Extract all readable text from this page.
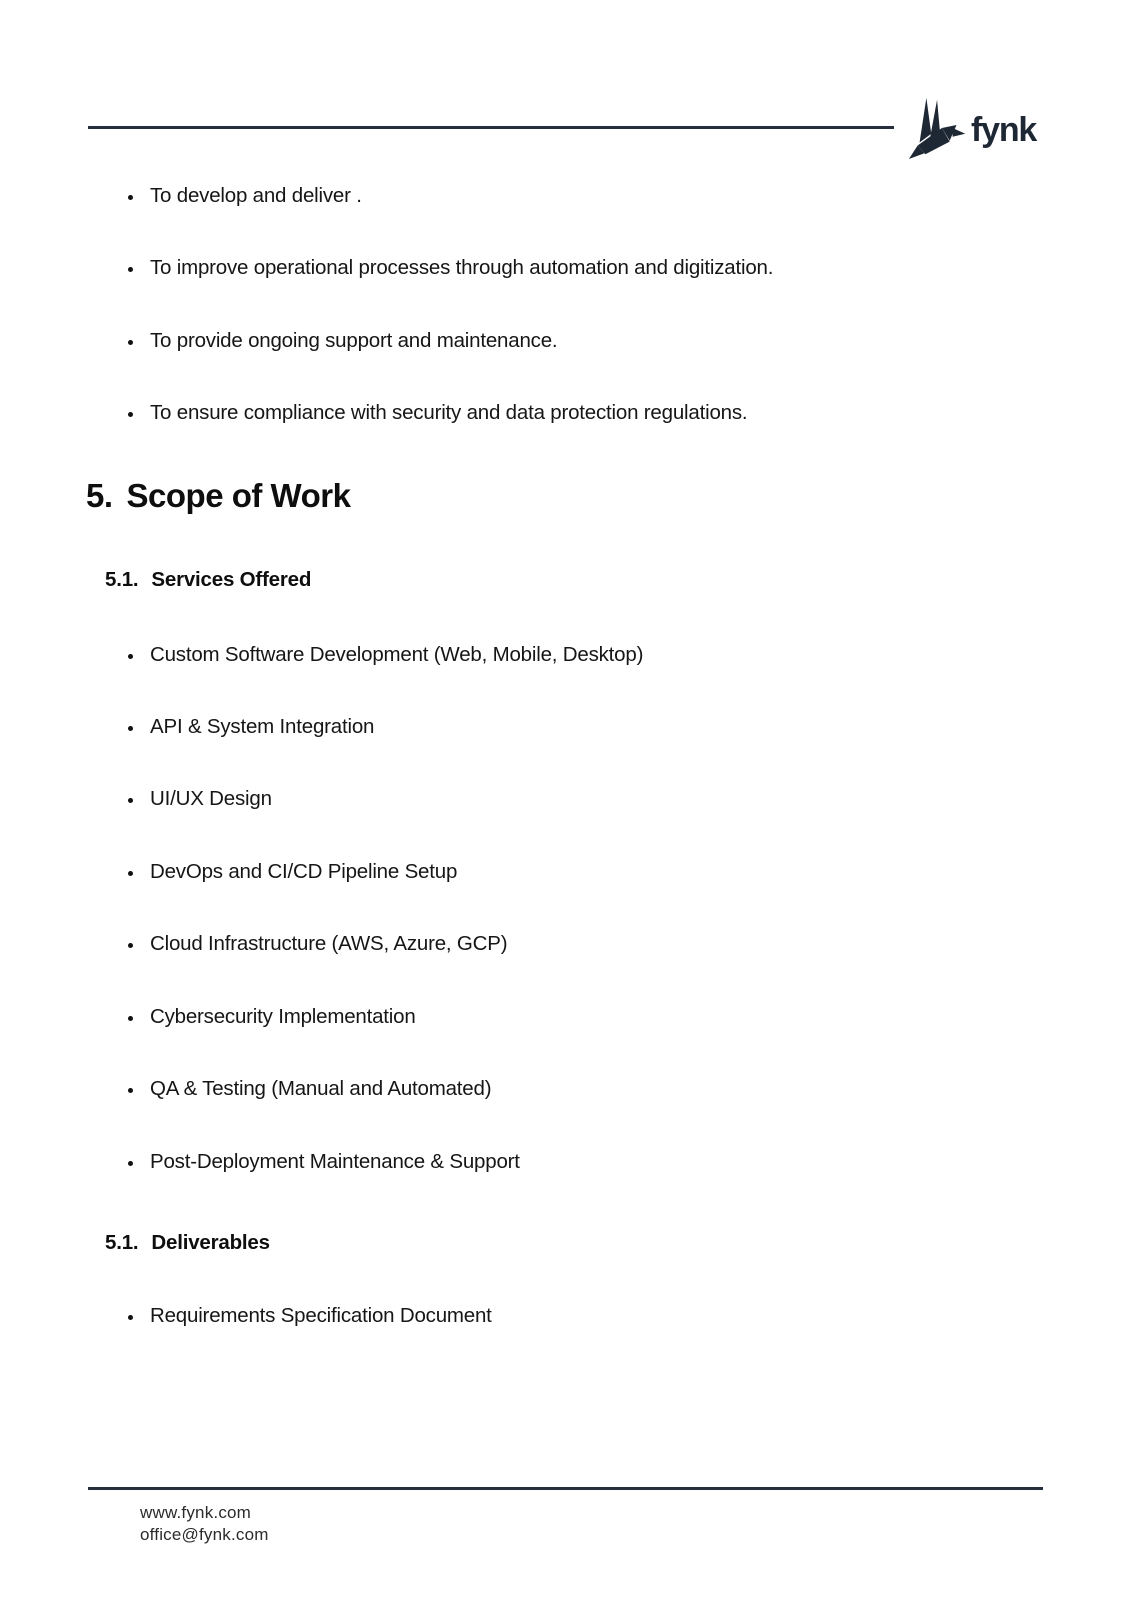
fynk
To develop and deliver .
To improve operational processes through automation and digitization.
To provide ongoing support and maintenance.
To ensure compliance with security and data protection regulations.
5. Scope of Work
5.1. Services Offered
Custom Software Development (Web, Mobile, Desktop)
API & System Integration
UI/UX Design
DevOps and CI/CD Pipeline Setup
Cloud Infrastructure (AWS, Azure, GCP)
Cybersecurity Implementation
QA & Testing (Manual and Automated)
Post-Deployment Maintenance & Support
5.1. Deliverables
Requirements Specification Document
www.fynk.com
office@fynk.com
